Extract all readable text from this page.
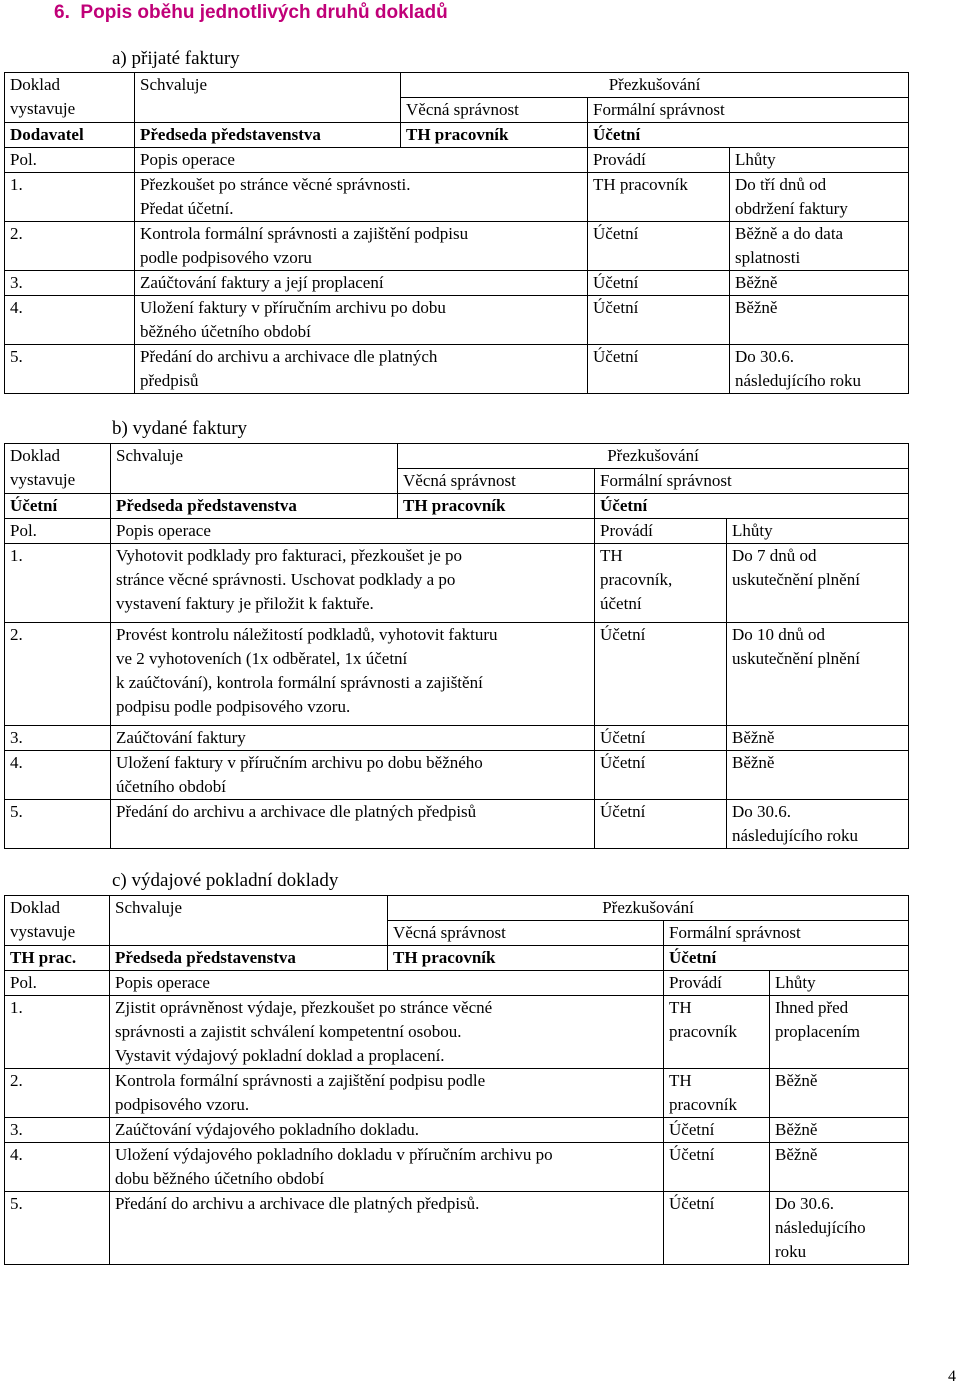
6. Popis oběhu jednotlivých druhů dokladů
a) přijaté faktury
Doklad
vystavuje	Schvaluje	Přezkušování		
		Věcná správnost	Formální správnost	
Dodavatel	Předseda představenstva	TH pracovník	Účetní	
Pol.	Popis operace		Provádí	Lhůty
1.	Přezkoušet po stránce věcné správnosti.
Předat účetní.		TH pracovník	Do tří dnů od
obdržení faktury
2.	Kontrola formální správnosti a zajištění podpisu
podle podpisového vzoru		Účetní	Běžně a do data
splatnosti
3.	Zaúčtování faktury a její proplacení		Účetní	Běžně
4.	Uložení faktury v příručním archivu po dobu
běžného účetního období		Účetní	Běžně
5.	Předání do archivu a archivace dle platných
předpisů		Účetní	Do 30.6.
následujícího roku
b) vydané faktury
Doklad
vystavuje	Schvaluje	Přezkušování		
		Věcná správnost	Formální správnost	
Účetní	Předseda představenstva	TH pracovník	Účetní	
Pol.	Popis operace		Provádí	Lhůty
1.	Vyhotovit podklady pro fakturaci, přezkoušet je po
stránce věcné správnosti. Uschovat podklady a po
vystavení faktury je přiložit k faktuře.		TH
pracovník,
účetní	Do 7 dnů od
uskutečnění plnění
2.	Provést kontrolu náležitostí podkladů, vyhotovit fakturu
ve 2 vyhotoveních (1x odběratel, 1x účetní
k zaúčtování), kontrola formální správnosti a zajištění
podpisu podle podpisového vzoru.		Účetní	Do 10 dnů od
uskutečnění plnění
3.	Zaúčtování faktury		Účetní	Běžně
4.	Uložení faktury v příručním archivu po dobu běžného
účetního období		Účetní	Běžně
5.	Předání do archivu a archivace dle platných předpisů		Účetní	Do 30.6.
následujícího roku
c) výdajové pokladní doklady
Doklad
vystavuje	Schvaluje	Přezkušování		
		Věcná správnost	Formální správnost	
TH prac.	Předseda představenstva	TH pracovník	Účetní	
Pol.	Popis operace		Provádí	Lhůty
1.	Zjistit oprávněnost výdaje, přezkoušet po stránce věcné
správnosti a zajistit schválení kompetentní osobou.
Vystavit výdajový pokladní doklad a proplacení.		TH
pracovník	Ihned před
proplacením
2.	Kontrola formální správnosti a zajištění podpisu podle
podpisového vzoru.		TH
pracovník	Běžně
3.	Zaúčtování výdajového pokladního dokladu.		Účetní	Běžně
4.	Uložení výdajového pokladního dokladu v příručním archivu po
dobu běžného účetního období		Účetní	Běžně
5.	Předání do archivu a archivace dle platných předpisů.		Účetní	Do 30.6.
následujícího
roku
4
